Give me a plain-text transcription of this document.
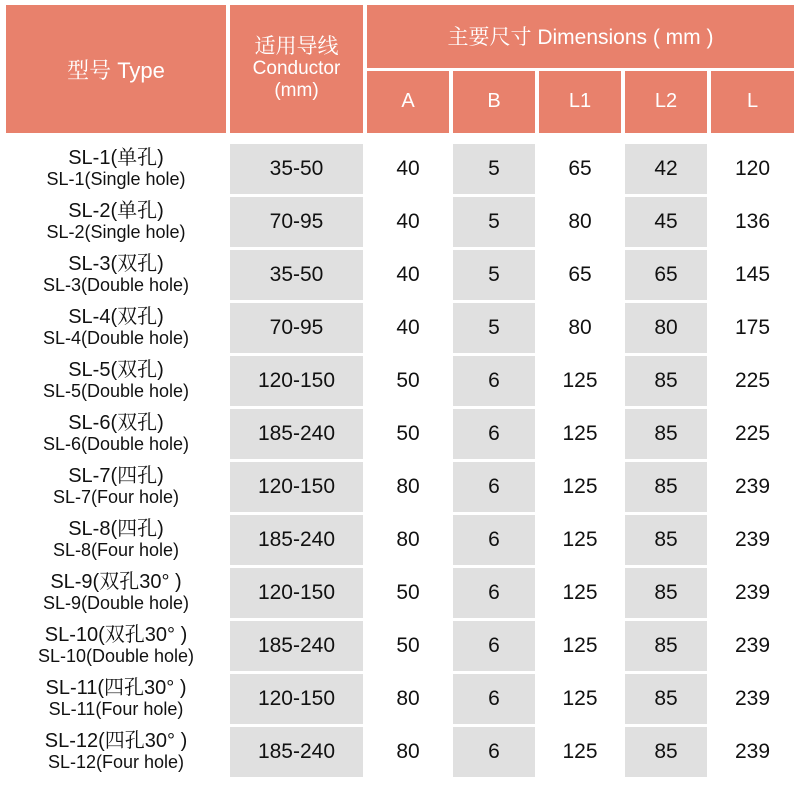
型号 Type	适用导线
Conductor
(mm)	主要尺寸 Dimensions ( mm )				
		A	B	L1	L2	L

SL-1(单孔)
SL-1(Single hole)	35-50	40	5	65	42	120

SL-2(单孔)
SL-2(Single hole)	70-95	40	5	80	45	136

SL-3(双孔)
SL-3(Double hole)	35-50	40	5	65	65	145

SL-4(双孔)
SL-4(Double hole)	70-95	40	5	80	80	175

SL-5(双孔)
SL-5(Double hole)	120-150	50	6	125	85	225

SL-6(双孔)
SL-6(Double hole)	185-240	50	6	125	85	225

SL-7(四孔)
SL-7(Four hole)	120-150	80	6	125	85	239

SL-8(四孔)
SL-8(Four hole)	185-240	80	6	125	85	239

SL-9(双孔30° )
SL-9(Double hole)	120-150	50	6	125	85	239

SL-10(双孔30° )
SL-10(Double hole)	185-240	50	6	125	85	239

SL-11(四孔30° )
SL-11(Four hole)	120-150	80	6	125	85	239

SL-12(四孔30° )
SL-12(Four hole)	185-240	80	6	125	85	239
